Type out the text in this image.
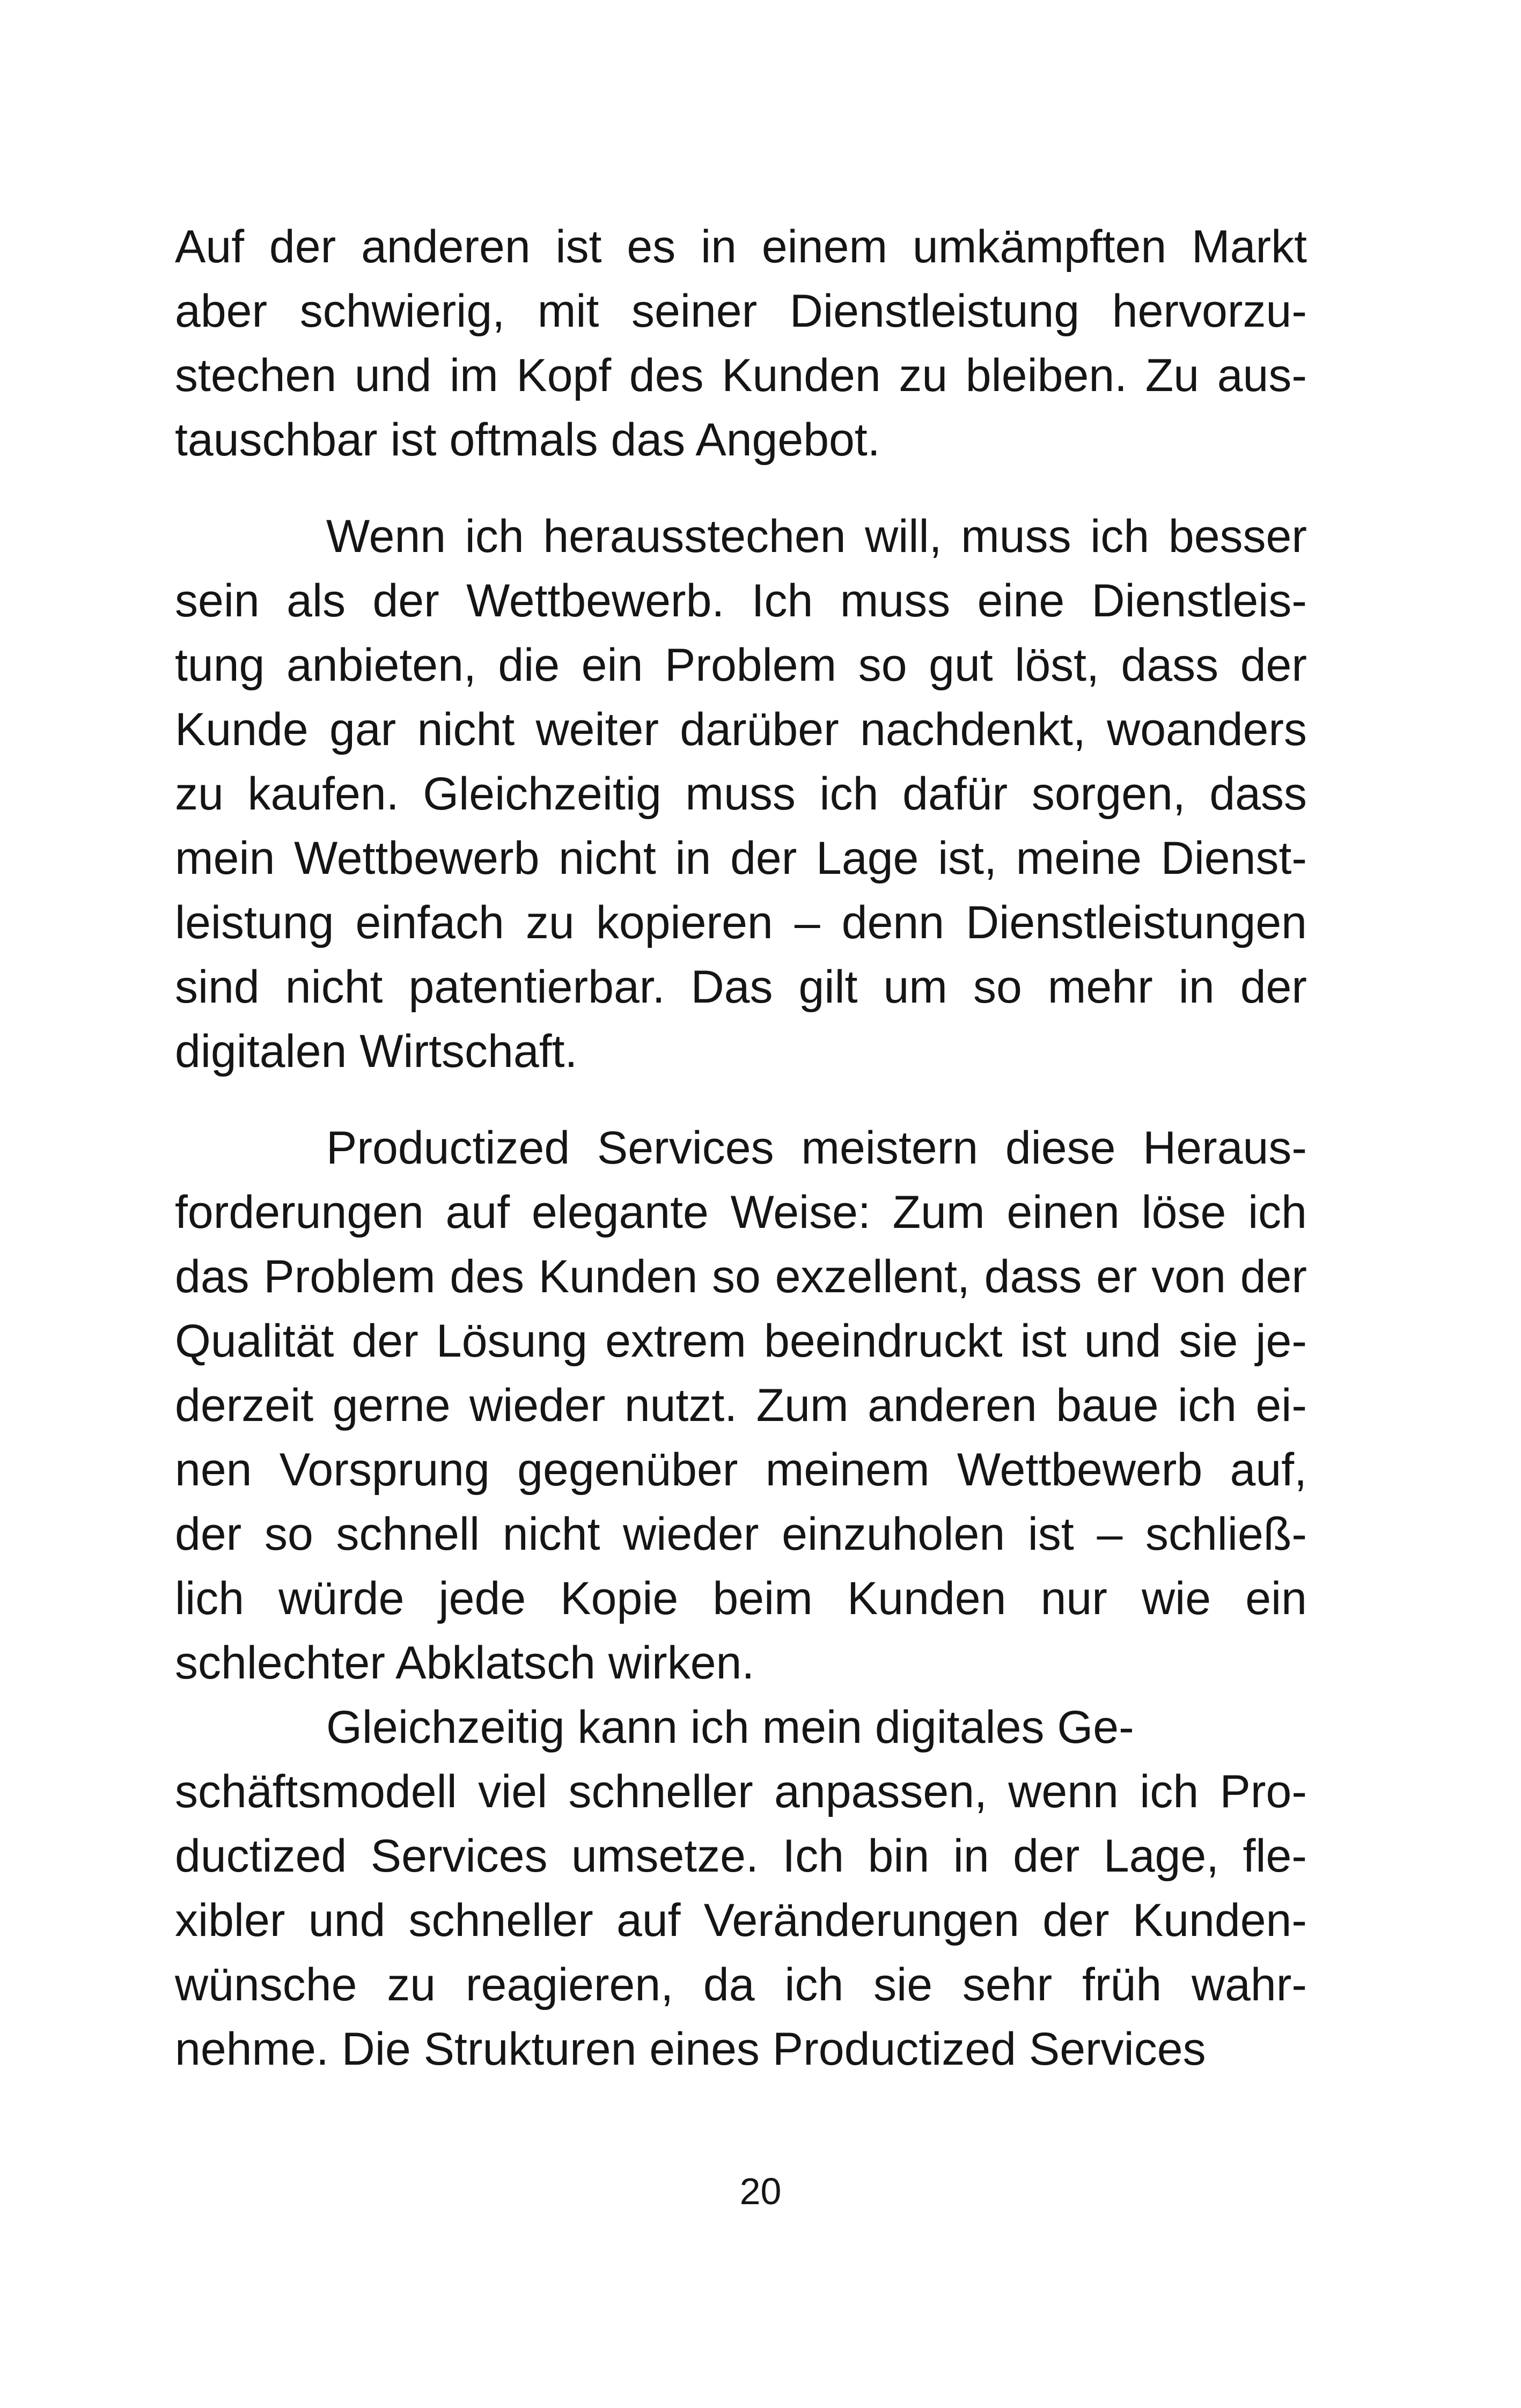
Auf der anderen ist es in einem umkämpften Markt
aber schwierig, mit seiner Dienstleistung hervorzu-
stechen und im Kopf des Kunden zu bleiben. Zu aus-
tauschbar ist oftmals das Angebot.
Wenn ich herausstechen will, muss ich besser
sein als der Wettbewerb. Ich muss eine Dienstleis-
tung anbieten, die ein Problem so gut löst, dass der
Kunde gar nicht weiter darüber nachdenkt, woanders
zu kaufen. Gleichzeitig muss ich dafür sorgen, dass
mein Wettbewerb nicht in der Lage ist, meine Dienst-
leistung einfach zu kopieren – denn Dienstleistungen
sind nicht patentierbar. Das gilt um so mehr in der
digitalen Wirtschaft.
Productized Services meistern diese Heraus-
forderungen auf elegante Weise: Zum einen löse ich
das Problem des Kunden so exzellent, dass er von der
Qualität der Lösung extrem beeindruckt ist und sie je-
derzeit gerne wieder nutzt. Zum anderen baue ich ei-
nen Vorsprung gegenüber meinem Wettbewerb auf,
der so schnell nicht wieder einzuholen ist – schließ-
lich würde jede Kopie beim Kunden nur wie ein
schlechter Abklatsch wirken.
Gleichzeitig kann ich mein digitales Ge-
schäftsmodell viel schneller anpassen, wenn ich Pro-
ductized Services umsetze. Ich bin in der Lage, fle-
xibler und schneller auf Veränderungen der Kunden-
wünsche zu reagieren, da ich sie sehr früh wahr-
nehme. Die Strukturen eines Productized Services
20
